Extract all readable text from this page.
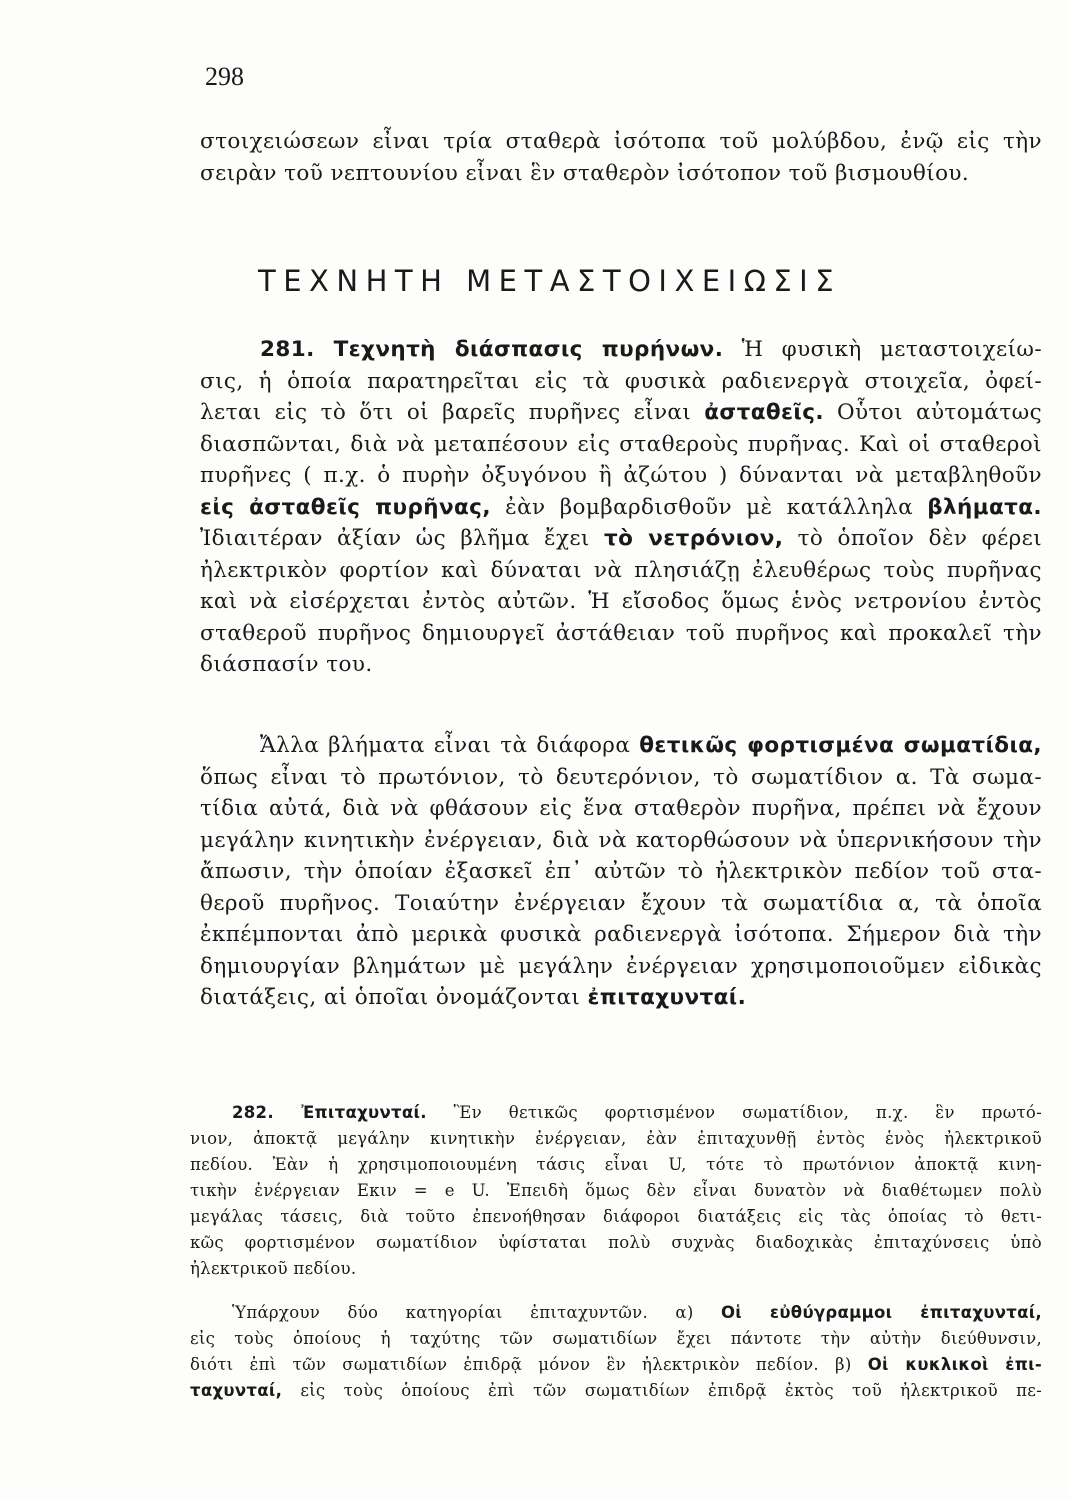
298
στοιχειώσεων εἶναι τρία σταθερὰ ἰσότοπα τοῦ μολύβδου, ἐνῷ εἰς τὴν
σειρὰν τοῦ νεπτουνίου εἶναι ἓν σταθερὸν ἰσότοπον τοῦ βισμουθίου.
ΤΕΧΝΗΤΗ ΜΕΤΑΣΤΟΙΧΕΙΩΣΙΣ
281. Τεχνητὴ διάσπασις πυρήνων. Ἡ φυσικὴ μεταστοιχείω-
σις, ἡ ὁποία παρατηρεῖται εἰς τὰ φυσικὰ ραδιενεργὰ στοιχεῖα, ὀφεί-
λεται εἰς τὸ ὅτι οἱ βαρεῖς πυρῆνες εἶναι ἀσταθεῖς. Οὗτοι αὐτομάτως
διασπῶνται, διὰ νὰ μεταπέσουν εἰς σταθεροὺς πυρῆνας. Καὶ οἱ σταθεροὶ
πυρῆνες ( π.χ. ὁ πυρὴν ὀξυγόνου ἢ ἀζώτου ) δύνανται νὰ μεταβληθοῦν
εἰς ἀσταθεῖς πυρῆνας, ἐὰν βομβαρδισθοῦν μὲ κατάλληλα βλήματα.
Ἰδιαιτέραν ἀξίαν ὡς βλῆμα ἔχει τὸ νετρόνιον, τὸ ὁποῖον δὲν φέρει
ἠλεκτρικὸν φορτίον καὶ δύναται νὰ πλησιάζῃ ἐλευθέρως τοὺς πυρῆνας
καὶ νὰ εἰσέρχεται ἐντὸς αὐτῶν. Ἡ εἴσοδος ὅμως ἑνὸς νετρονίου ἐντὸς
σταθεροῦ πυρῆνος δημιουργεῖ ἀστάθειαν τοῦ πυρῆνος καὶ προκαλεῖ τὴν
διάσπασίν του.
Ἄλλα βλήματα εἶναι τὰ διάφορα θετικῶς φορτισμένα σωματίδια,
ὅπως εἶναι τὸ πρωτόνιον, τὸ δευτερόνιον, τὸ σωματίδιον α. Τὰ σωμα-
τίδια αὐτά, διὰ νὰ φθάσουν εἰς ἕνα σταθερὸν πυρῆνα, πρέπει νὰ ἔχουν
μεγάλην κινητικὴν ἐνέργειαν, διὰ νὰ κατορθώσουν νὰ ὑπερνικήσουν τὴν
ἄπωσιν, τὴν ὁποίαν ἐξασκεῖ ἐπ᾽ αὐτῶν τὸ ἠλεκτρικὸν πεδίον τοῦ στα-
θεροῦ πυρῆνος. Τοιαύτην ἐνέργειαν ἔχουν τὰ σωματίδια α, τὰ ὁποῖα
ἐκπέμπονται ἀπὸ μερικὰ φυσικὰ ραδιενεργὰ ἰσότοπα. Σήμερον διὰ τὴν
δημιουργίαν βλημάτων μὲ μεγάλην ἐνέργειαν χρησιμοποιοῦμεν εἰδικὰς
διατάξεις, αἱ ὁποῖαι ὀνομάζονται ἐπιταχυνταί.
282. Ἐπιταχυνταί. Ἓν θετικῶς φορτισμένον σωματίδιον, π.χ. ἓν πρωτό-
νιον, ἀποκτᾷ μεγάλην κινητικὴν ἐνέργειαν, ἐὰν ἐπιταχυνθῇ ἐντὸς ἑνὸς ἠλεκτρικοῦ
πεδίου. Ἐὰν ἡ χρησιμοποιουμένη τάσις εἶναι U, τότε τὸ πρωτόνιον ἀποκτᾷ κινη-
τικὴν ἐνέργειαν Εκιν = e U. Ἐπειδὴ ὅμως δὲν εἶναι δυνατὸν νὰ διαθέτωμεν πολὺ
μεγάλας τάσεις, διὰ τοῦτο ἐπενοήθησαν διάφοροι διατάξεις εἰς τὰς ὁποίας τὸ θετι-
κῶς φορτισμένον σωματίδιον ὑφίσταται πολὺ συχνὰς διαδοχικὰς ἐπιταχύνσεις ὑπὸ
ἠλεκτρικοῦ πεδίου.
Ὑπάρχουν δύο κατηγορίαι ἐπιταχυντῶν. α) Οἱ εὐθύγραμμοι ἐπιταχυνταί,
εἰς τοὺς ὁποίους ἡ ταχύτης τῶν σωματιδίων ἔχει πάντοτε τὴν αὐτὴν διεύθυνσιν,
διότι ἐπὶ τῶν σωματιδίων ἐπιδρᾷ μόνον ἓν ἠλεκτρικὸν πεδίον. β) Οἱ κυκλικοὶ ἐπι-
ταχυνταί, εἰς τοὺς ὁποίους ἐπὶ τῶν σωματιδίων ἐπιδρᾷ ἐκτὸς τοῦ ἠλεκτρικοῦ πε-
